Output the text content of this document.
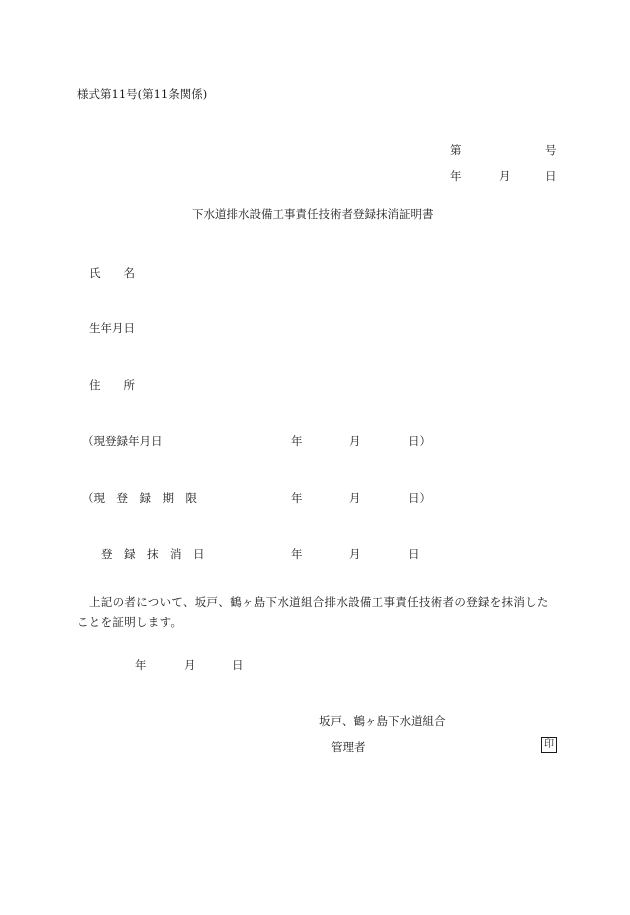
様式第11号(第11条関係)
第	号
年	月	日
下水道排水設備工事責任技術者登録抹消証明書
氏　　名
生年月日
住　　所
（現登録年月日	年	月	日）
（現　登　録　期　限	年	月	日）
登　録　抹　消　日	年	月	日
上記の者について、坂戸、鶴ヶ島下水道組合排水設備工事責任技術者の登録を抹消したことを証明します。
年	月	日
坂戸、鶴ヶ島下水道組合
管理者	印
